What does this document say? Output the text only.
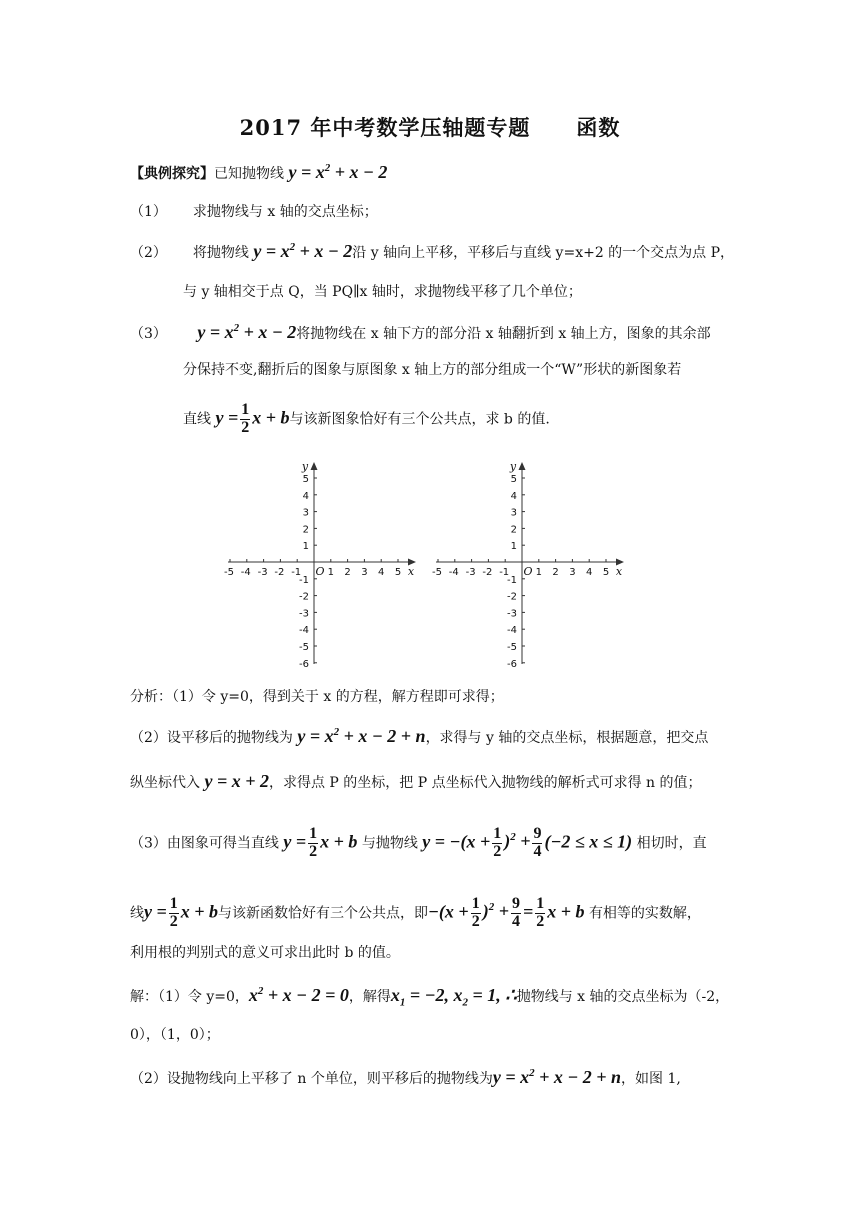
2017 年中考数学压轴题专题 函数
【典例探究】已知抛物线 $y = x^2 + x - 2$
（1） 求抛物线与 x 轴的交点坐标；
（2） 将抛物线 $y = x^2 + x - 2$沿 y 轴向上平移，平移后与直线 y=x+2 的一个交点为点 P，
与 y 轴相交于点 Q，当 PQ∥x 轴时，求抛物线平移了几个单位；
（3） $y = x^2 + x - 2$将抛物线在 x 轴下方的部分沿 x 轴翻折到 x 轴上方，图象的其余部
分保持不变,翻折后的图象与原图象 x 轴上方的部分组成一个“W”形状的新图象若
直线 $y = \frac{1}{2}$ x + b与该新图象恰好有三个公共点，求 b 的值.
x
y
O
-5 -4 -3 -2 -1	1 2 3 4 5
5
4
3
2
1
-1
-2
-3
-4
-5
-6
x
y
O
-5 -4 -3 -2 -1	1 2 3 4 5
5
4
3
2
1
-1
-2
-3
-4
-5
-6
分析：（1）令 y=0，得到关于 x 的方程，解方程即可求得；
（2）设平移后的抛物线为 $y = x^2 + x - 2 + n$，求得与 y 轴的交点坐标，根据题意，把交点
纵坐标代入 y = x + 2，求得点 P 的坐标，把 P 点坐标代入抛物线的解析式可求得 n 的值；
（3）由图象可得当直线 $y = \frac{1}{2}$ x + b 与抛物线 $y = -(x + \frac{1}{2} )^2 + \frac{9}{4} (-2 \le x \le 1)$ 相切时，直
线$y = \frac{1}{2}$ x + b与该新函数恰好有三个公共点，即$-(x + \frac{1}{2} )^2 + \frac{9}{4} = \frac{1}{2}$ x + b 有相等的实数解，
利用根的判别式的意义可求出此时 b 的值。
解：（1）令 y=0，$x^2 + x - 2 = 0$，解得$x_1 = -2$, $x_2 = 1$, ∴抛物线与 x 轴的交点坐标为（-2，
0），（1，0）；
（2）设抛物线向上平移了 n 个单位，则平移后的抛物线为$y = x^2 + x - 2 + n$，如图 1,
